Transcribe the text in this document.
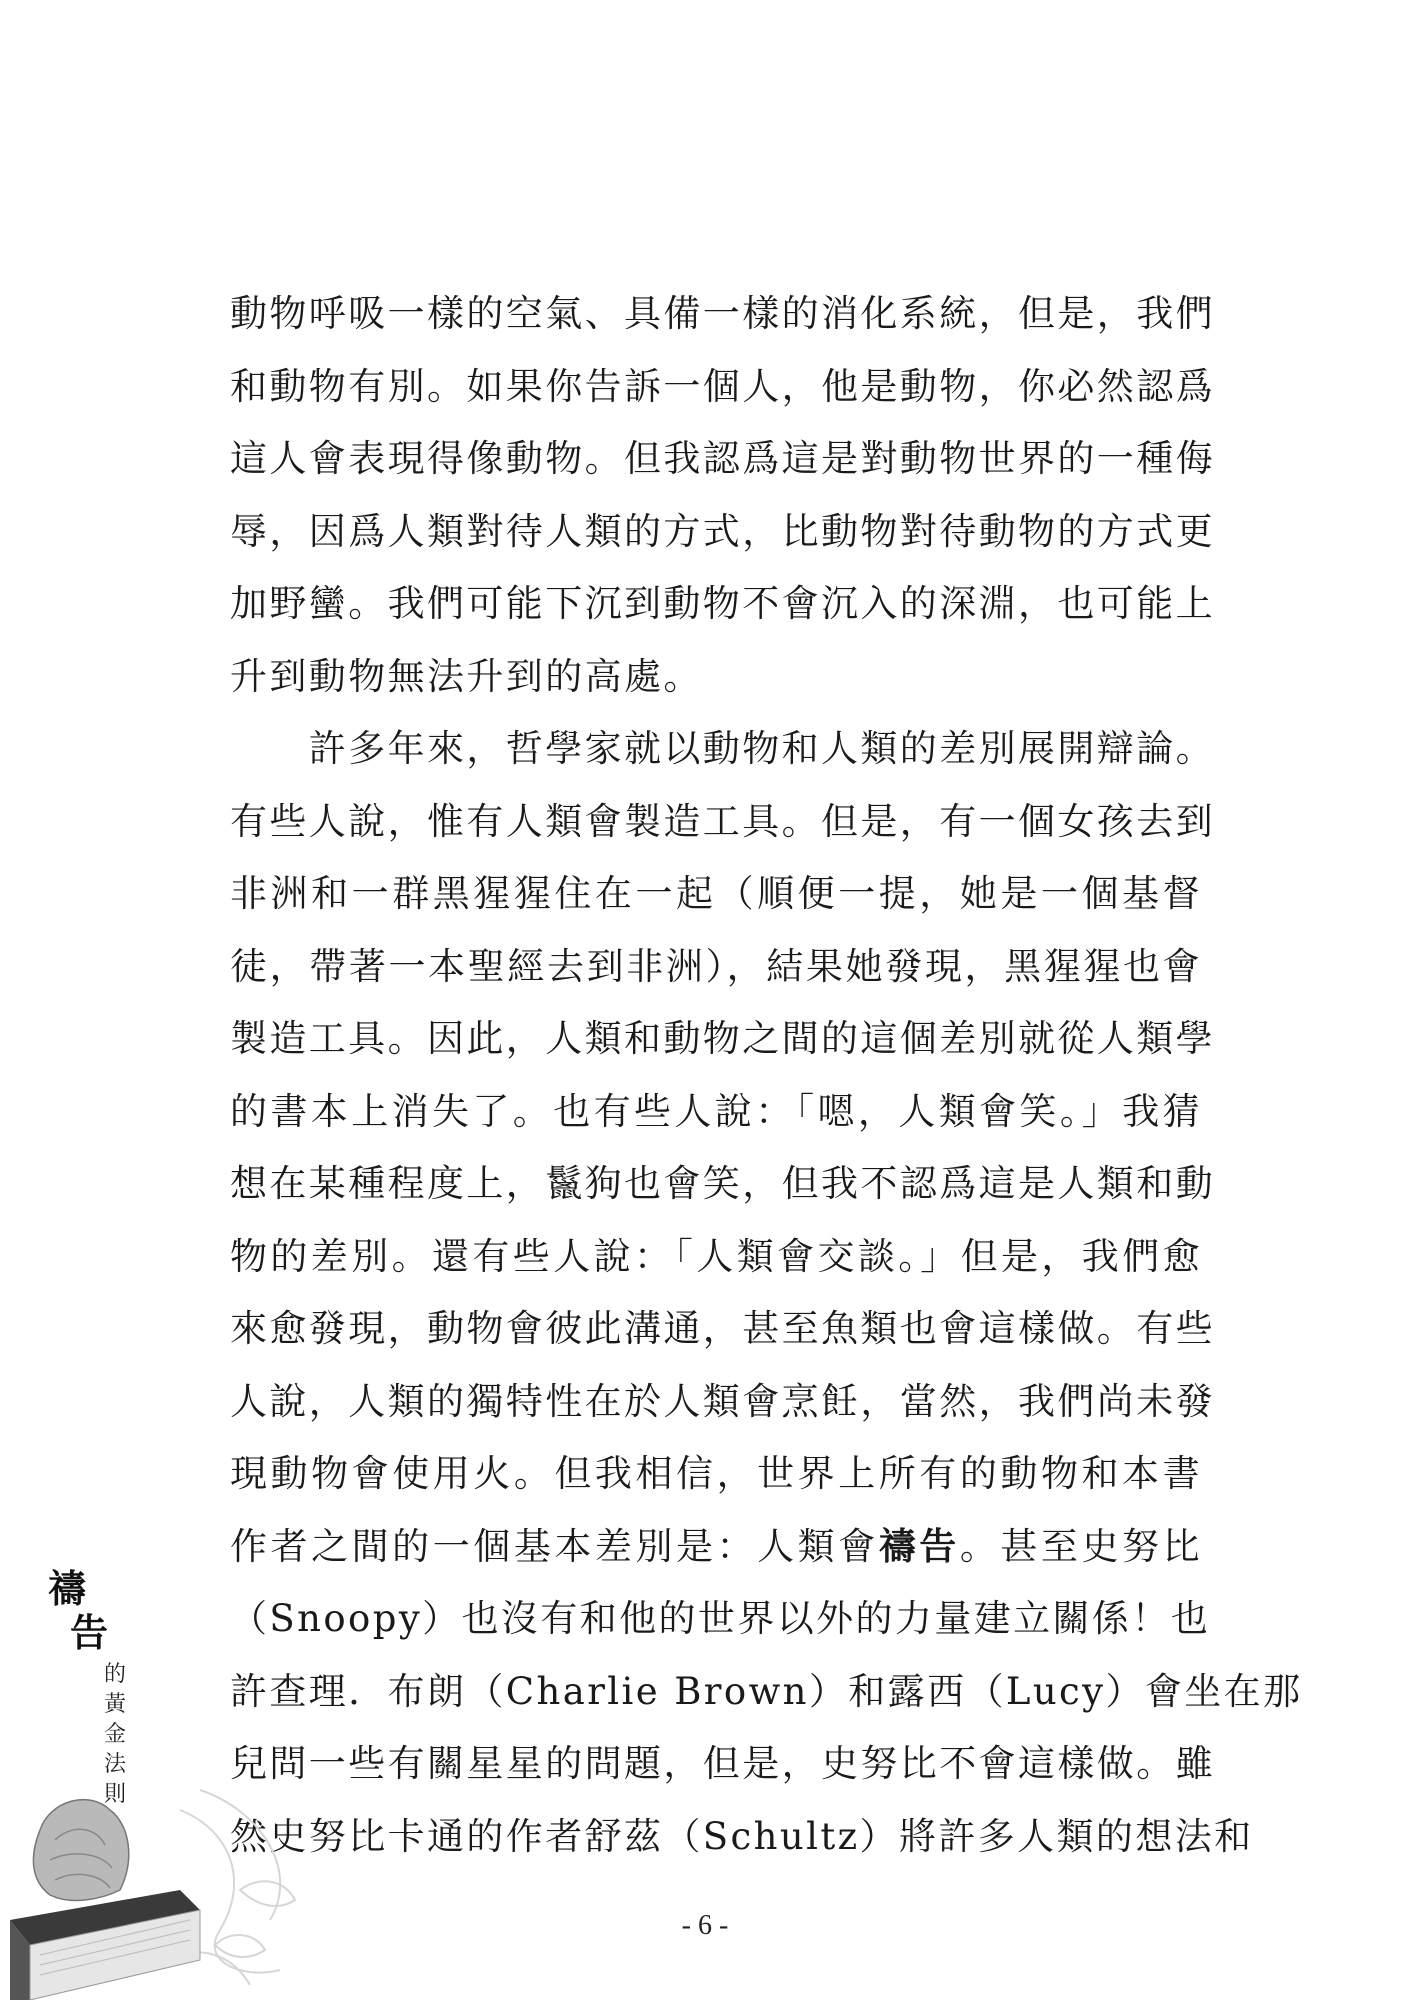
動物呼吸一樣的空氣、具備一樣的消化系統，但是，我們
和動物有別。如果你告訴一個人，他是動物，你必然認爲
這人會表現得像動物。但我認爲這是對動物世界的一種侮
辱，因爲人類對待人類的方式，比動物對待動物的方式更
加野蠻。我們可能下沉到動物不會沉入的深淵，也可能上
升到動物無法升到的高處。
　　許多年來，哲學家就以動物和人類的差別展開辯論。
有些人說，惟有人類會製造工具。但是，有一個女孩去到
非洲和一群黑猩猩住在一起（順便一提，她是一個基督
徒，帶著一本聖經去到非洲），結果她發現，黑猩猩也會
製造工具。因此，人類和動物之間的這個差別就從人類學
的書本上消失了。也有些人說：「嗯，人類會笑。」我猜
想在某種程度上，鬣狗也會笑，但我不認爲這是人類和動
物的差別。還有些人說：「人類會交談。」但是，我們愈
來愈發現，動物會彼此溝通，甚至魚類也會這樣做。有些
人說，人類的獨特性在於人類會烹飪，當然，我們尚未發
現動物會使用火。但我相信，世界上所有的動物和本書
作者之間的一個基本差別是：人類會禱告。甚至史努比
（Snoopy）也沒有和他的世界以外的力量建立關係！也
許查理．布朗（Charlie Brown）和露西（Lucy）會坐在那
兒問一些有關星星的問題，但是，史努比不會這樣做。雖
然史努比卡通的作者舒茲（Schultz）將許多人類的想法和
禱
告
的
黃
金
法
則
- 6 -
